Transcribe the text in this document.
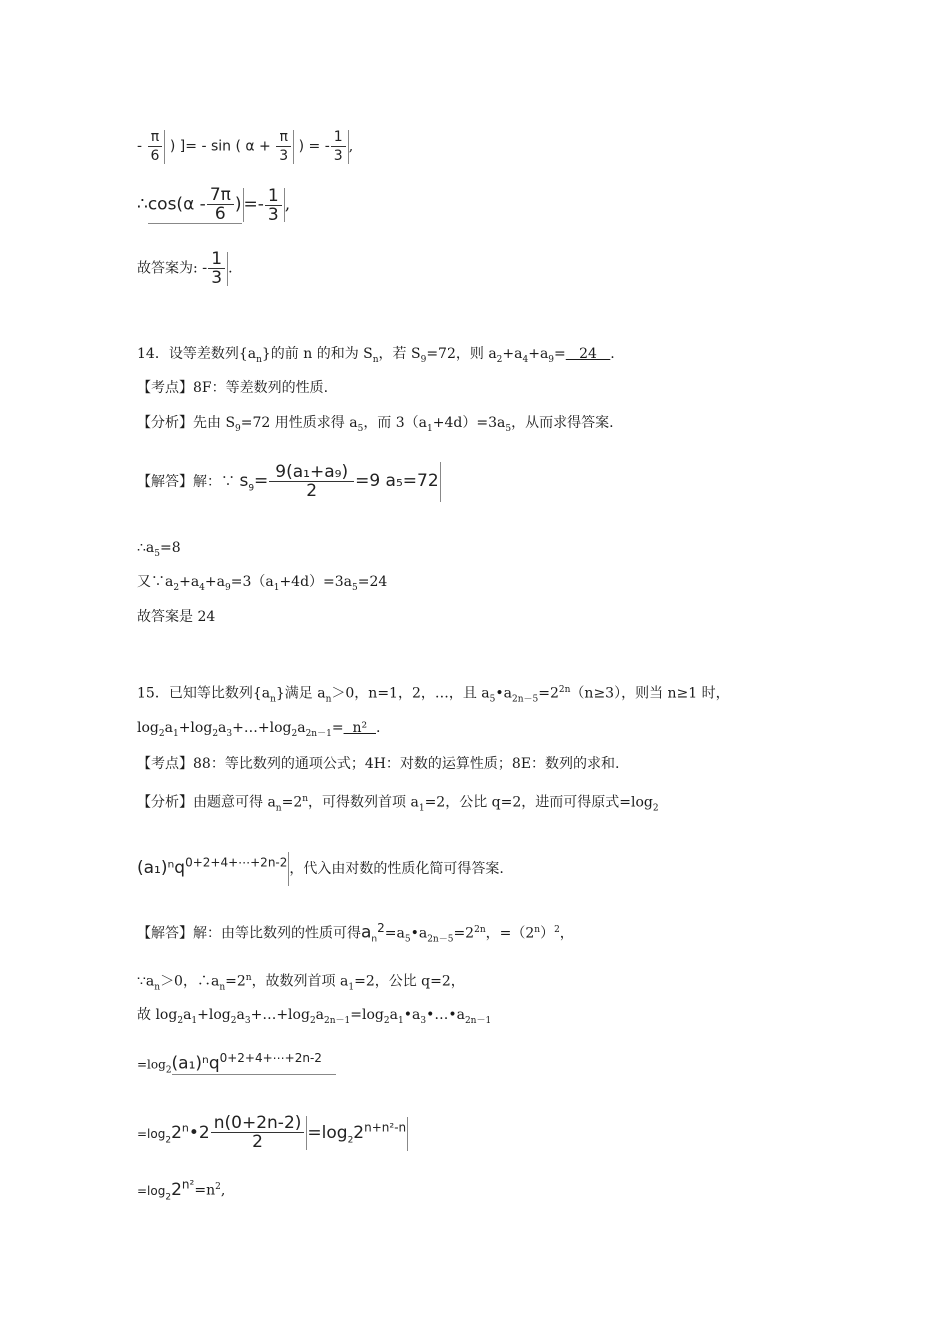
- $\frac{\pi}{6}$ ) ]= - sin ( $\alpha + \frac{\pi}{3}$ ) = - $\frac{1}{3}$ ,
∴cos(α - $\frac{7\pi}{6}$ ) =- $\frac{1}{3}$ ,
故答案为: - $\frac{1}{3}$ .
14．设等差数列$\{a_n\}$的前 n 的和为 $S_n$，若 $S_9=72$，则 $a_2+a_4+a_9= 24$   .
【考点】8F：等差数列的性质.
【分析】先由 $S_9=72$ 用性质求得 $a_5$，而 $3(a_1+4d)=3a_5$，从而求得答案.
【解答】解：∵ $s_9= \frac{\text{9(a₁+a₉)}}{2} =9$ a₅=72
$\therefore a_5=8$
又$\because a_2+a_4+a_9=3(a_1+4d)=3a_5=24$
故答案是 24
15．已知等比数列$\{a_n\}$满足 $a_n>0$，n=1，2，…，且 $a_5•a_{2n-5}=2^{2n}(n\ge 3)$，则当 n≥1 时，
$\log_2a_1+\log_2a_3+\dots+\log_2a_{2n-1}= n^2$  .
【考点】88：等比数列的通项公式；4H：对数的运算性质；8E：数列的求和.
【分析】由题意可得 $a_n=2^n$，可得数列首项 $a_1=2$，公比 q=2，进而可得原式$=\log_2$
(a₁)ⁿq$^{0+2+4+\cdots+2n-2}$ ，代入由对数的性质化简可得答案.
【解答】解：由等比数列的性质可得$a_n^2=a_5•a_{2n-5}=2^{2n}$，$=(2^n)^2$，
$\because a_n>0$，$\therefore a_n=2^n$，故数列首项 $a_1=2$，公比 q=2，
故 $\log_2a_1+\log_2a_3+\dots+\log_2a_{2n-1}=\log_2a_1•a_3•\dots•a_{2n-1}$
$=\log_2(a_1)^nq^{0+2+4+\cdots+2n-2}$
$=\log_22^n•2 \frac{n(0+2n-2)}{2} =\log_22^{n+n^2-n}$
$=\log_22^{n^2}=n^2$,
